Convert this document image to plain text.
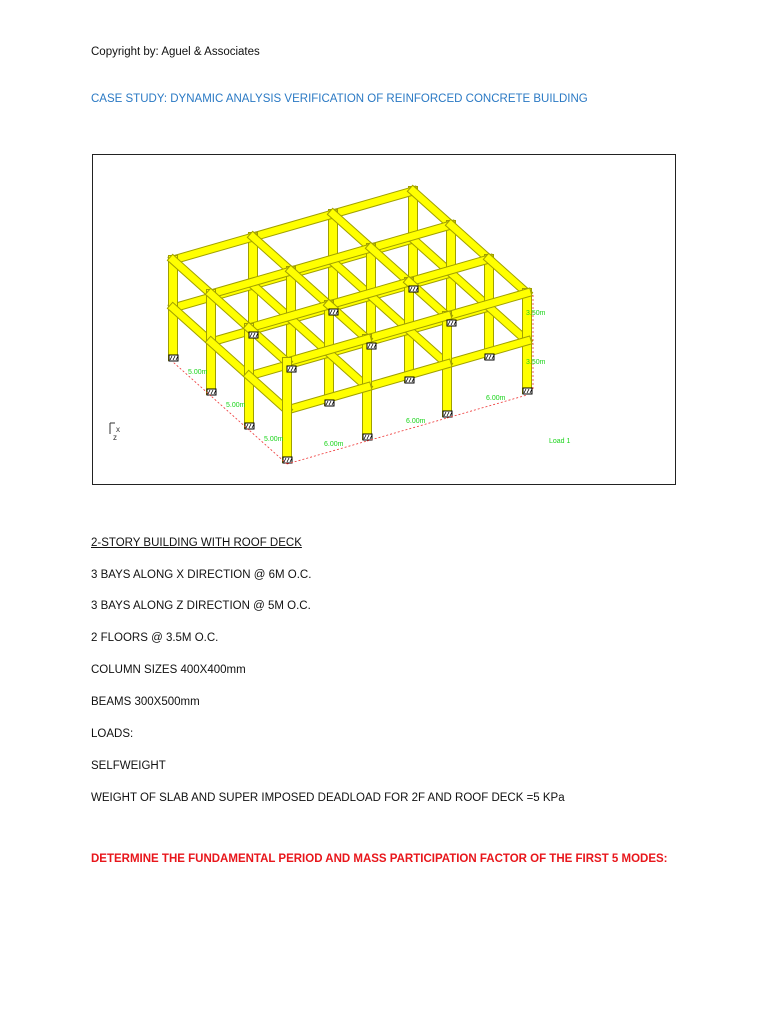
Copyright by: Aguel & Associates
CASE STUDY: DYNAMIC ANALYSIS VERIFICATION OF REINFORCED CONCRETE BUILDING
3.50m
3.50m
6.00m
6.00m
6.00m
5.00m
5.00m
5.00m
x
z	Load 1
2-STORY BUILDING WITH ROOF DECK
3 BAYS ALONG X DIRECTION @ 6M O.C.
3 BAYS ALONG Z DIRECTION @ 5M O.C.
2 FLOORS @ 3.5M O.C.
COLUMN SIZES 400X400mm
BEAMS 300X500mm
LOADS:
SELFWEIGHT
WEIGHT OF SLAB AND SUPER IMPOSED DEADLOAD FOR 2F AND ROOF DECK =5 KPa
DETERMINE THE FUNDAMENTAL PERIOD AND MASS PARTICIPATION FACTOR OF THE FIRST 5 MODES:
